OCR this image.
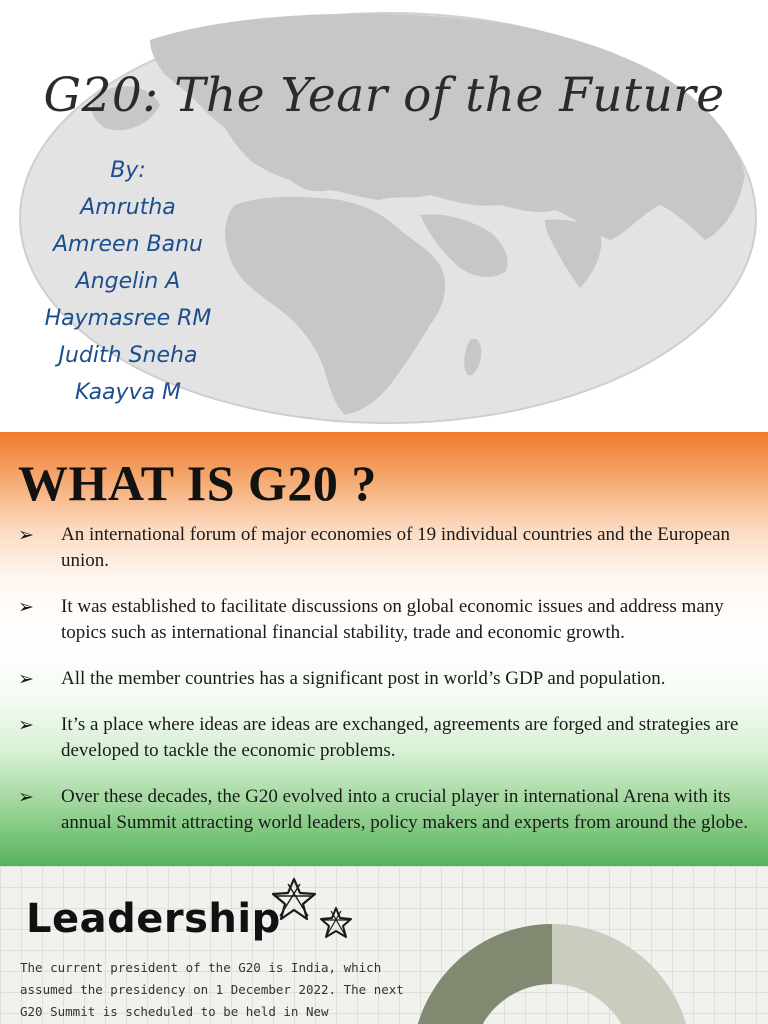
G20: The Year of the Future
By:
Amrutha
Amreen Banu
Angelin A
Haymasree RM
Judith Sneha
Kaayva M
WHAT IS G20 ?
➢ An international forum of major economies of 19 individual countries and the European union.
➢ It was established to facilitate discussions on global economic issues and address many topics such as international financial stability, trade and economic growth.
➢ All the member countries has a significant post in world’s GDP and population.
➢ It’s a place where ideas are ideas are exchanged, agreements are forged and strategies are developed to tackle the economic problems.
➢ Over these decades, the G20 evolved into a crucial player in international Arena with its annual Summit attracting world leaders, policy makers and experts from around the globe.
Leadership
The current president of the G20 is India, which assumed the presidency on 1 December 2022. The next G20 Summit is scheduled to be held in New
